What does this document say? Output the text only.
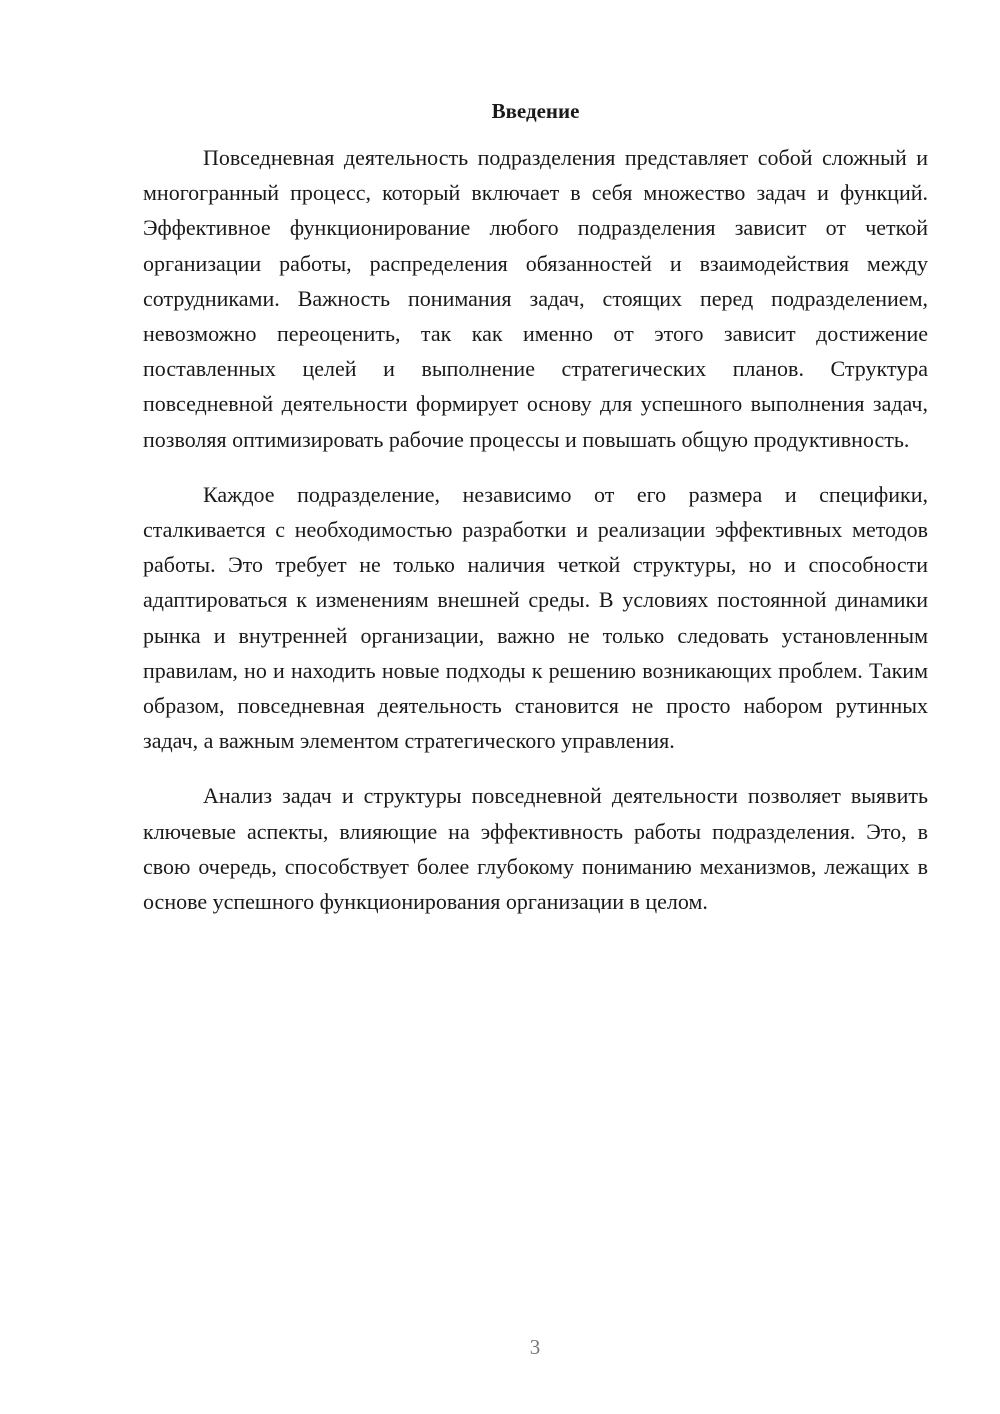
Введение

Повседневная деятельность подразделения представляет собой сложный и многогранный процесс, который включает в себя множество задач и функций. Эффективное функционирование любого подразделения зависит от четкой организации работы, распределения обязанностей и взаимодействия между сотрудниками. Важность понимания задач, стоящих перед подразделением, невозможно переоценить, так как именно от этого зависит достижение поставленных целей и выполнение стратегических планов. Структура повседневной деятельности формирует основу для успешного выполнения задач, позволяя оптимизировать рабочие процессы и повышать общую продуктивность.

Каждое подразделение, независимо от его размера и специфики, сталкивается с необходимостью разработки и реализации эффективных методов работы. Это требует не только наличия четкой структуры, но и способности адаптироваться к изменениям внешней среды. В условиях постоянной динамики рынка и внутренней организации, важно не только следовать установленным правилам, но и находить новые подходы к решению возникающих проблем. Таким образом, повседневная деятельность становится не просто набором рутинных задач, а важным элементом стратегического управления.

Анализ задач и структуры повседневной деятельности позволяет выявить ключевые аспекты, влияющие на эффективность работы подразделения. Это, в свою очередь, способствует более глубокому пониманию механизмов, лежащих в основе успешного функционирования организации в целом.

3
